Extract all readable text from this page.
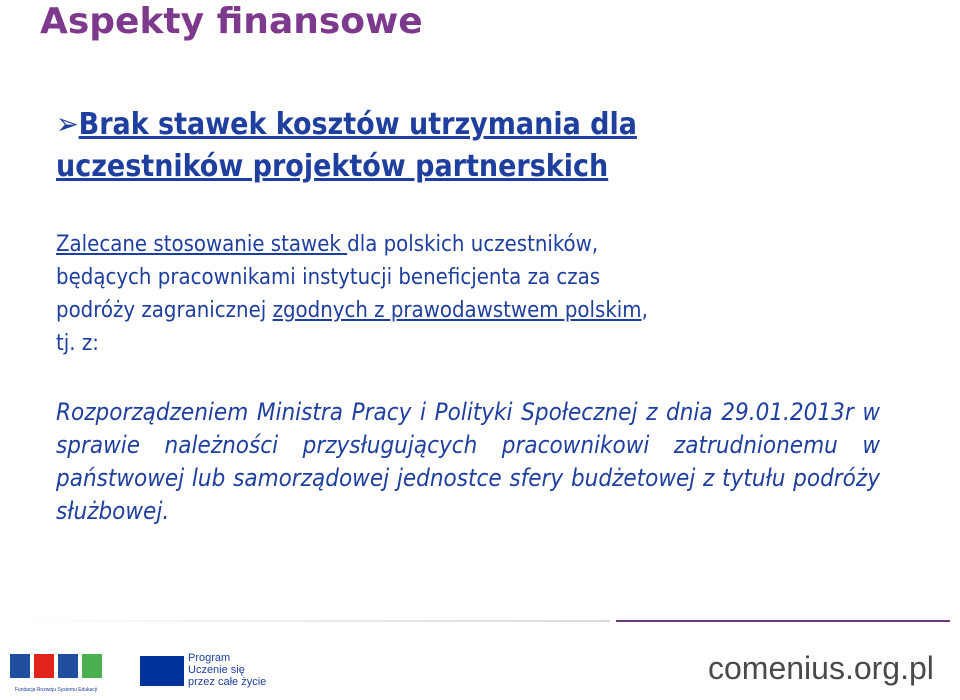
Aspekty finansowe
➢Brak stawek kosztów utrzymania dla
uczestników projektów partnerskich
Zalecane stosowanie stawek dla polskich uczestników,
będących pracownikami instytucji beneficjenta za czas
podróży zagranicznej zgodnych z prawodawstwem polskim,
tj. z:
Rozporządzeniem Ministra Pracy i Polityki Społecznej z dnia 29.01.2013r w sprawie należności przysługujących pracownikowi zatrudnionemu w państwowej lub samorządowej jednostce sfery budżetowej z tytułu podróży służbowej.
Fundacja Rozwoju Systemu Edukacji
Program
Uczenie się
przez całe życie	comenius.org.pl
